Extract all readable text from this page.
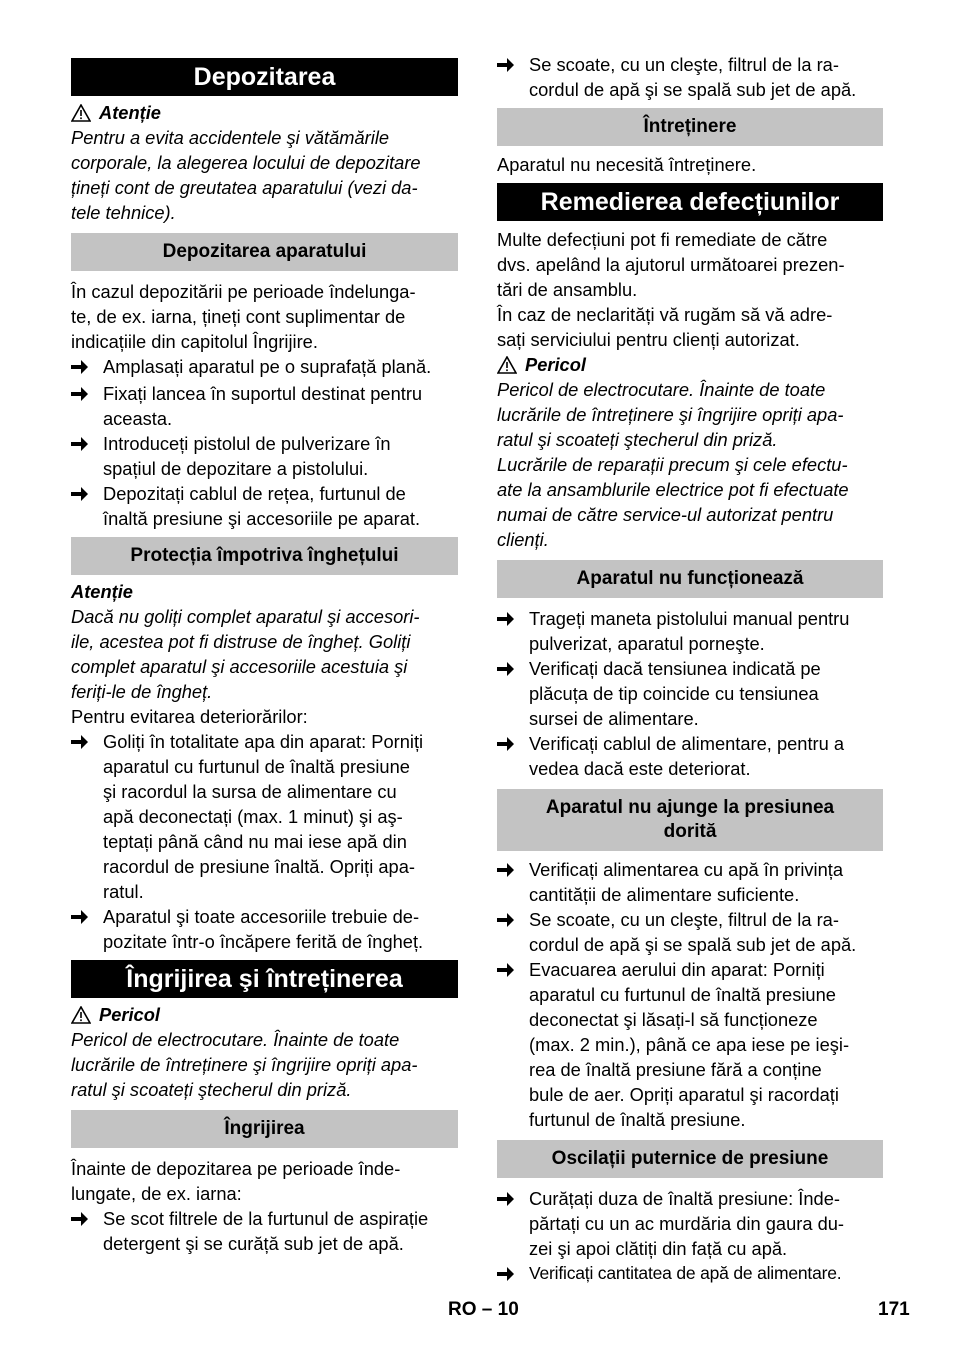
Depozitarea
Atenție
Pentru a evita accidentele şi vătămările
corporale, la alegerea locului de depozitare
țineți cont de greutatea aparatului (vezi da-
tele tehnice).
Depozitarea aparatului
În cazul depozitării pe perioade îndelunga-
te, de ex. iarna, țineți cont suplimentar de
indicațiile din capitolul Îngrijire.
Amplasați aparatul pe o suprafață plană.
Fixați lancea în suportul destinat pentru
aceasta.
Introduceți pistolul de pulverizare în
spațiul de depozitare a pistolului.
Depozitați cablul de rețea, furtunul de
înaltă presiune şi accesoriile pe aparat.
Protecția împotriva înghețului
Atenție
Dacă nu goliți complet aparatul şi accesori-
ile, acestea pot fi distruse de îngheț. Goliți
complet aparatul şi accesoriile acestuia şi
feriți-le de îngheț.
Pentru evitarea deteriorărilor:
Goliți în totalitate apa din aparat: Porniți
aparatul cu furtunul de înaltă presiune
şi racordul la sursa de alimentare cu
apă deconectați (max. 1 minut) şi aş-
teptați până când nu mai iese apă din
racordul de presiune înaltă. Opriți apa-
ratul.
Aparatul şi toate accesoriile trebuie de-
pozitate într-o încăpere ferită de îngheț.
Îngrijirea şi întreținerea
Pericol
Pericol de electrocutare. Înainte de toate
lucrările de întreținere şi îngrijire opriți apa-
ratul şi scoateți ştecherul din priză.
Îngrijirea
Înainte de depozitarea pe perioade înde-
lungate, de ex. iarna:
Se scot filtrele de la furtunul de aspirație
detergent şi se curăță sub jet de apă.
Se scoate, cu un cleşte, filtrul de la ra-
cordul de apă şi se spală sub jet de apă.
Întreținere
Aparatul nu necesită întreținere.
Remedierea defecțiunilor
Multe defecțiuni pot fi remediate de către
dvs. apelând la ajutorul următoarei prezen-
tări de ansamblu.
În caz de neclarități vă rugăm să vă adre-
sați serviciului pentru clienți autorizat.
Pericol
Pericol de electrocutare. Înainte de toate
lucrările de întreținere şi îngrijire opriți apa-
ratul şi scoateți ştecherul din priză.
Lucrările de reparații precum şi cele efectu-
ate la ansamblurile electrice pot fi efectuate
numai de către service-ul autorizat pentru
clienți.
Aparatul nu funcționează
Trageți maneta pistolului manual pentru
pulverizat, aparatul porneşte.
Verificați dacă tensiunea indicată pe
plăcuța de tip coincide cu tensiunea
sursei de alimentare.
Verificați cablul de alimentare, pentru a
vedea dacă este deteriorat.
Aparatul nu ajunge la presiunea
dorită
Verificați alimentarea cu apă în privința
cantității de alimentare suficiente.
Se scoate, cu un cleşte, filtrul de la ra-
cordul de apă şi se spală sub jet de apă.
Evacuarea aerului din aparat: Porniți
aparatul cu furtunul de înaltă presiune
deconectat şi lăsați-l să funcționeze
(max. 2 min.), până ce apa iese pe ieşi-
rea de înaltă presiune fără a conține
bule de aer. Opriți aparatul şi racordați
furtunul de înaltă presiune.
Oscilații puternice de presiune
Curățați duza de înaltă presiune: Înde-
părtați cu un ac murdăria din gaura du-
zei şi apoi clătiți din față cu apă.
Verificați cantitatea de apă de alimentare.
RO – 10	171
